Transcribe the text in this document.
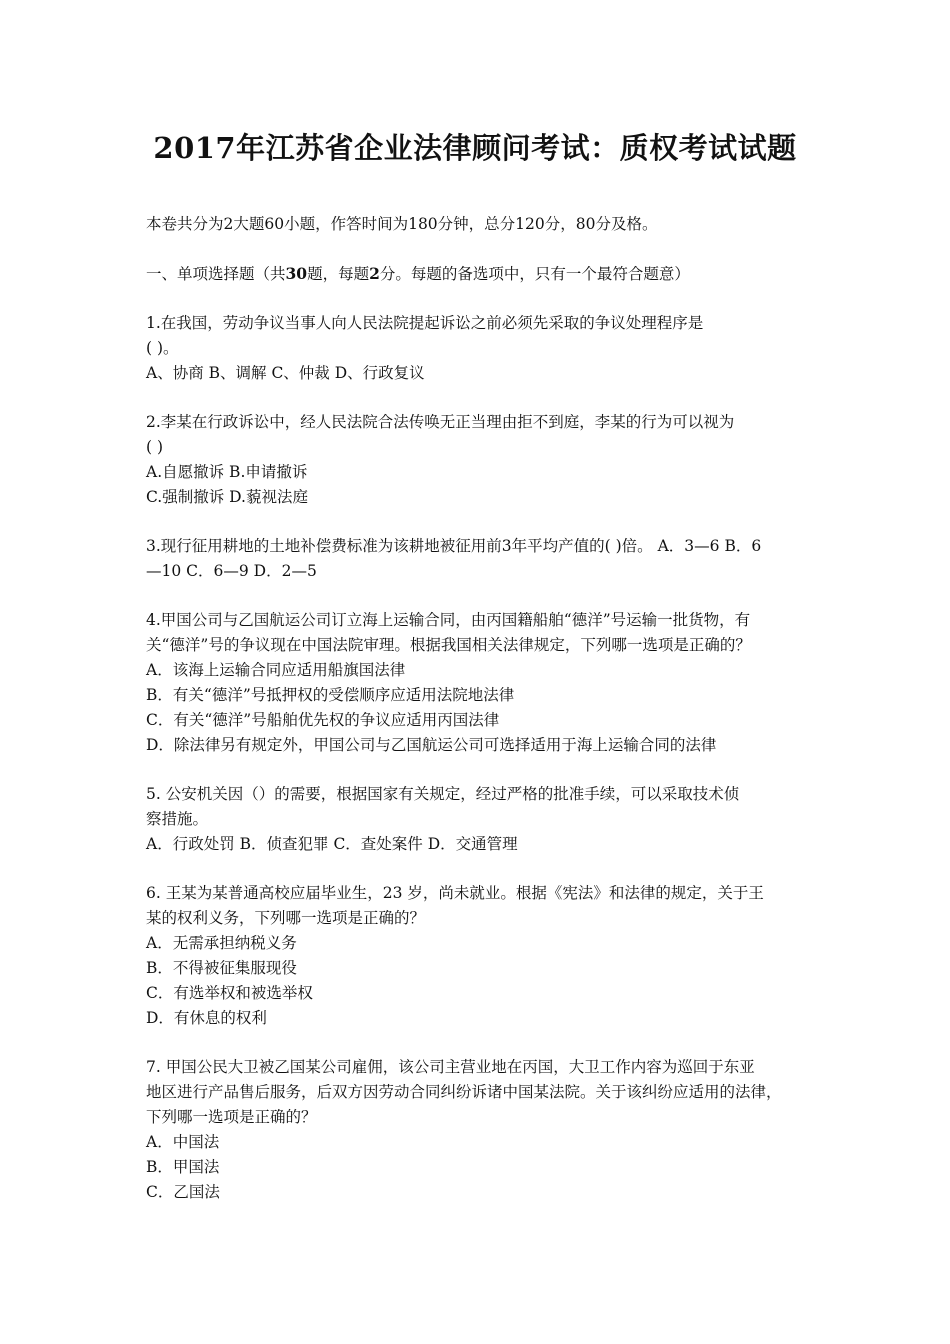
2017年江苏省企业法律顾问考试：质权考试试题

本卷共分为2大题60小题，作答时间为180分钟，总分120分，80分及格。

一、单项选择题（共30题，每题2分。每题的备选项中，只有一个最符合题意）

1.在我国，劳动争议当事人向人民法院提起诉讼之前必须先采取的争议处理程序是
( )。
A、协商 B、调解 C、仲裁 D、行政复议
2.李某在行政诉讼中，经人民法院合法传唤无正当理由拒不到庭，李某的行为可以视为
( )
A.自愿撤诉 B.申请撤诉
C.强制撤诉 D.藐视法庭
3.现行征用耕地的土地补偿费标准为该耕地被征用前3年平均产值的( )倍。 A．3—6 B．6
—10 C．6—9 D．2—5
4.甲国公司与乙国航运公司订立海上运输合同，由丙国籍船舶“德洋”号运输一批货物，有
关“德洋”号的争议现在中国法院审理。根据我国相关法律规定，下列哪一选项是正确的？
A．该海上运输合同应适用船旗国法律
B．有关“德洋”号抵押权的受偿顺序应适用法院地法律
C．有关“德洋”号船舶优先权的争议应适用丙国法律
D．除法律另有规定外，甲国公司与乙国航运公司可选择适用于海上运输合同的法律
5. 公安机关因（）的需要，根据国家有关规定，经过严格的批准手续，可以采取技术侦
察措施。
A．行政处罚 B．侦查犯罪 C．查处案件 D．交通管理
6. 王某为某普通高校应届毕业生，23 岁，尚未就业。根据《宪法》和法律的规定，关于王
某的权利义务，下列哪一选项是正确的？
A．无需承担纳税义务
B．不得被征集服现役
C．有选举权和被选举权
D．有休息的权利
7. 甲国公民大卫被乙国某公司雇佣，该公司主营业地在丙国，大卫工作内容为巡回于东亚
地区进行产品售后服务，后双方因劳动合同纠纷诉诸中国某法院。关于该纠纷应适用的法律，
下列哪一选项是正确的？
A．中国法
B．甲国法
C．乙国法
